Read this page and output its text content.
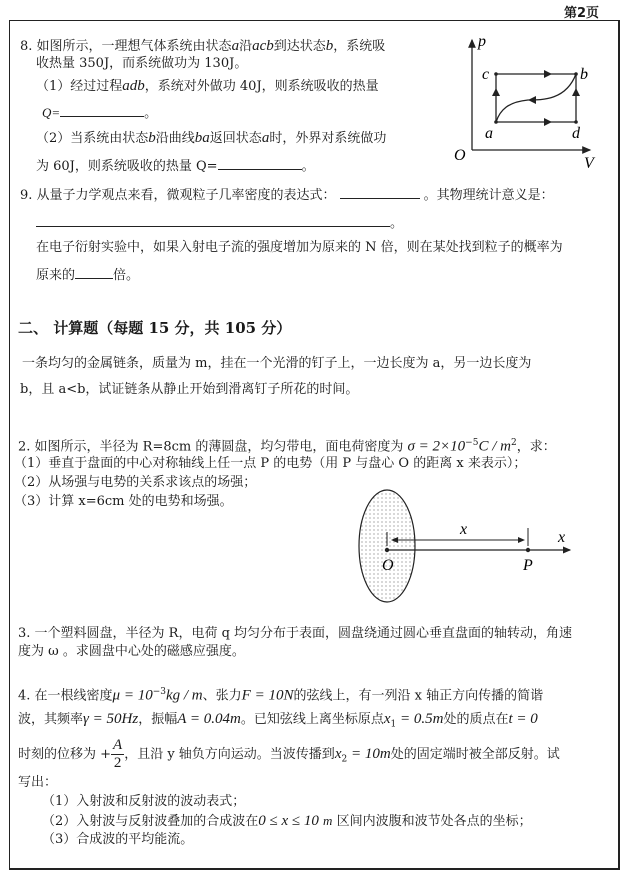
第2页
8. 如图所示，一理想气体系统由状态a沿acb到达状态b，系统吸
收热量 350J，而系统做功为 130J。
（1）经过过程adb，系统对外做功 40J，则系统吸收的热量
Q=	。
（2）当系统由状态b沿曲线ba返回状态a时，外界对系统做功
为 60J，则系统吸收的热量 Q=	。
p
V
O
a
b
c
d
9. 从量子力学观点来看，微观粒子几率密度的表达式：	。其物理统计意义是：
。
在电子衍射实验中，如果入射电子流的强度增加为原来的 N 倍，则在某处找到粒子的概率为
原来的	倍。
二、 计算题（每题 15 分，共 105 分）
一条均匀的金属链条，质量为 m，挂在一个光滑的钉子上，一边长度为 a，另一边长度为
b，且 a<b，试证链条从静止开始到滑离钉子所花的时间。
2. 如图所示，半径为 R=8cm 的薄圆盘，均匀带电，面电荷密度为 $\sigma = 2\times 10^{-5}C / m^2$，求：
（1）垂直于盘面的中心对称轴线上任一点 P 的电势（用 P 与盘心 O 的距离 x 来表示）；
（2）从场强与电势的关系求该点的场强；
（3）计算 x=6cm 处的电势和场强。
x	x
O	P
3. 一个塑料圆盘，半径为 R，电荷 q 均匀分布于表面，圆盘绕通过圆心垂直盘面的轴转动，角速
度为 ω 。求圆盘中心处的磁感应强度。
4. 在一根线密度$\mu = 10^{-3}kg / m$、张力F = 10N的弦线上，有一列沿 x 轴正方向传播的简谐
波，其频率γ = 50Hz，振幅A = 0.04m。已知弦线上离坐标原点$x_1 = 0.5m$处的质点在t = 0
时刻的位移为 + $\frac{A}{2}$ ，且沿 y 轴负方向运动。当波传播到$x_2 = 10m$处的固定端时被全部反射。试
写出：
（1）入射波和反射波的波动表式；
（2）入射波与反射波叠加的合成波在0 ≤ x ≤ 10 m 区间内波腹和波节处各点的坐标；
（3）合成波的平均能流。
